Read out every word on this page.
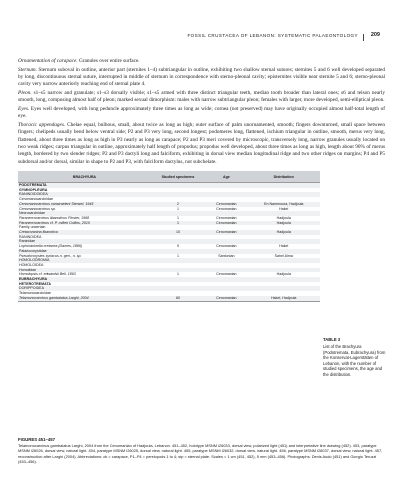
FOSSIL CRUSTACEA OF LEBANON: SYSTEMATIC PALAEONTOLOGY 209

Ornamentation of carapace. Granules over entire surface.

Sternum. Sternum suboval in outline, anterior part (sternites 1–4) subtriangular in outline, exhibiting two shallow sternal sutures; sternites 5 and 6 well developed separated by long, discontinuous sternal suture, interrupted in middle of sternum in correspondence with sterno-pleonal cavity; episternites visible near sternite 5 and 6; sterno-pleonal cavity very narrow anteriorly reaching end of sternal plate 4.

Pleon. s1–s5 narrow and granulate; s1–s3 dorsally visible; s1–s5 armed with three distinct triangular teeth, median tooth broader than lateral ones; s6 and telson nearly smooth, long, composing almost half of pleon; marked sexual dimorphism: males with narrow subtriangular pleon; females with larger, more developed, semi-elliptical pleon.

Eyes. Eyes well developed, with long peduncle approximately three times as long as wide; cornea (not preserved) may have originally occupied almost half-total length of eye.

Thoracic appendages. Chelae equal, bulbous, small, about twice as long as high; outer surface of palm unornamented, smooth; fingers downturned, small space between fingers; chelipeds usually bend below ventral side; P2 and P3 very long, second longest; podomeres long, flattened, ischium triangular in outline, smooth, merus very long, flattened, about three times as long as high in P3 nearly as long as carapace; P2 and P3 meri covered by microscopic, transversely long, narrow granules usually located on two weak ridges; carpus triangular in outline, approximately half length of propodus; propodus well developed, about three times as long as high, length about 90% of merus length, bordered by two slender ridges; P2 and P3 dactyli long and falciform, exhibiting in dorsal view median longitudinal ridge and two other ridges on margins; P4 and P5 subdorsal and/or dorsal, similar in shape to P2 and P3, with falciform dactylus, not subchelate.

BRACHYURA	Studied specimens	Age	Distribution
PODOTREMATA			
GYMNOPLEURA			
RANINOIDOIDEA			
Cenomanocarcinidae			
Cenomanocarcinus vanstraeleni Stenzel, 1945	2	Cenomanian	En Nammoura, Hadjoula
Cenomanocarcinus sp.	1	Cenomanian	Hakel
Necrocarcinidae			
Paranecrocarcinus libanoticus Förster, 1968	1	Cenomanian	Hadjoula
Paranecrocarcinus cf. P. milleri Collins, 2010	1	Cenomanian	Hadjoula
Family uncertain			
Cretacoranina libanotica	10	Cenomanian	Hadjoula
RANINOIDEA			
Raninidae			
Lophoraninella cretacea (Dames, 1886)	9	Cenomanian	Hakel
Palaeocorystidae			
Pseudocorystes syriacus n. gen., n. sp.	1	Santonian	Sahel Alma
HOMOLODROMIA			
HOMOLOIDEA			
Homolidae			
Homolopsis cf. edwardsii Bell, 1863	1	Cenomanian	Hadjoula
EUBRACHYURA			
HETEROTREMATA			
DORIPPOIDEA			
Telamonocarcinidae			
Telamonocarcinus gambalatus Larghi, 2004	60	Cenomanian	Hakel, Hadjoula
TABLE 3
List of the Brachyura (Podotremata, Eubrachyura) from the Konservat-Lagerstätten of Lebanon, with the number of studied specimens, the age and the distribution.
FIGURES 451–457
Telamonocarcinus gambalatus Larghi, 2004 from the Cenomanian of Hadjoula, Lebanon. 451–452, holotype MSNM i26033, dorsal view, polarized light (451) and interpretative line drawing (452). 453, paratype MSNM i26026, dorsal view, natural light. 454, paratype MSNM i26025, dorsal view, natural light. 455, paratype MSNM i26032, dorsal view, natural light. 456, paratype MSNM i26037, dorsal view, natural light. 457, reconstruction after Larghi (2004). Abbreviations: cb = carapace, P1–P4 = pereiopods 1 to 4; stp = sternal plate. Scales = 1 cm (451, 452), 5 mm (453–456). Photographs: Denis Audo (451) and Giorgio Teruzzi (453–456).
